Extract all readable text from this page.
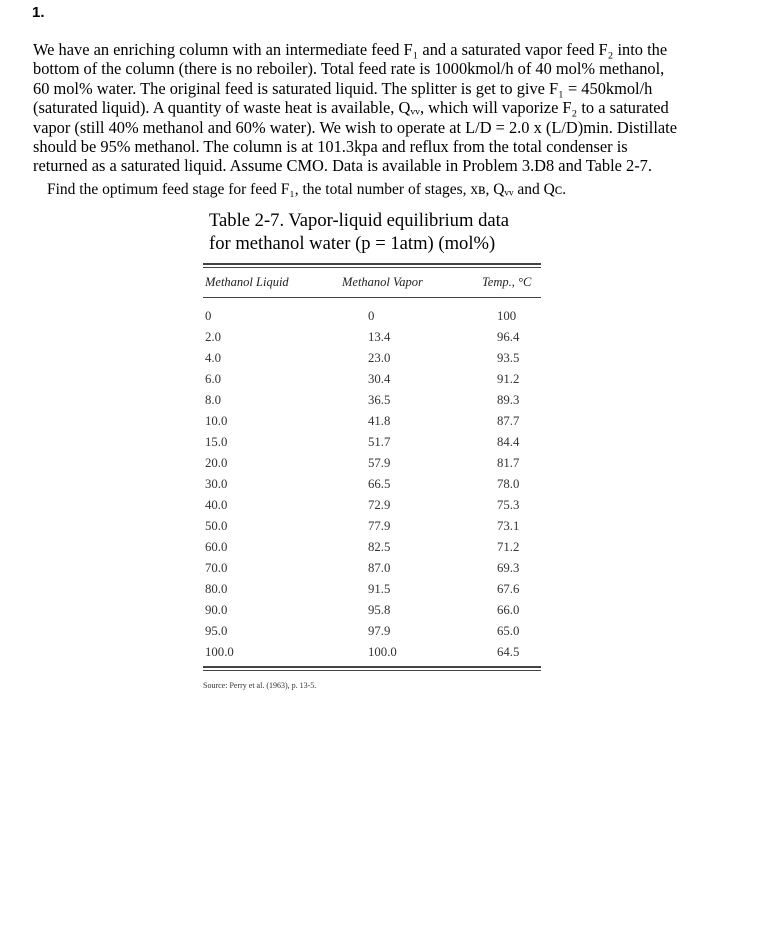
1.
We have an enriching column with an intermediate feed F₁ and a saturated vapor feed F₂ into the
bottom of the column (there is no reboiler). Total feed rate is 1000kmol/h of 40 mol% methanol,
60 mol% water. The original feed is saturated liquid. The splitter is get to give F₁ = 450kmol/h
(saturated liquid). A quantity of waste heat is available, Qᵥᵥ, which will vaporize F₂ to a saturated
vapor (still 40% methanol and 60% water). We wish to operate at L/D = 2.0 x (L/D)min. Distillate
should be 95% methanol. The column is at 101.3kpa and reflux from the total condenser is
returned as a saturated liquid. Assume CMO. Data is available in Problem 3.D8 and Table 2-7.
Find the optimum feed stage for feed F₁, the total number of stages, xʙ, Qᵥᵥ and Qᴄ.
Table 2-7. Vapor-liquid equilibrium data
for methanol water (p = 1atm) (mol%)
Methanol Liquid	Methanol Vapor	Temp., °C
0	0	100
2.0	13.4	96.4
4.0	23.0	93.5
6.0	30.4	91.2
8.0	36.5	89.3
10.0	41.8	87.7
15.0	51.7	84.4
20.0	57.9	81.7
30.0	66.5	78.0
40.0	72.9	75.3
50.0	77.9	73.1
60.0	82.5	71.2
70.0	87.0	69.3
80.0	91.5	67.6
90.0	95.8	66.0
95.0	97.9	65.0
100.0	100.0	64.5
Source: Perry et al. (1963), p. 13-5.
